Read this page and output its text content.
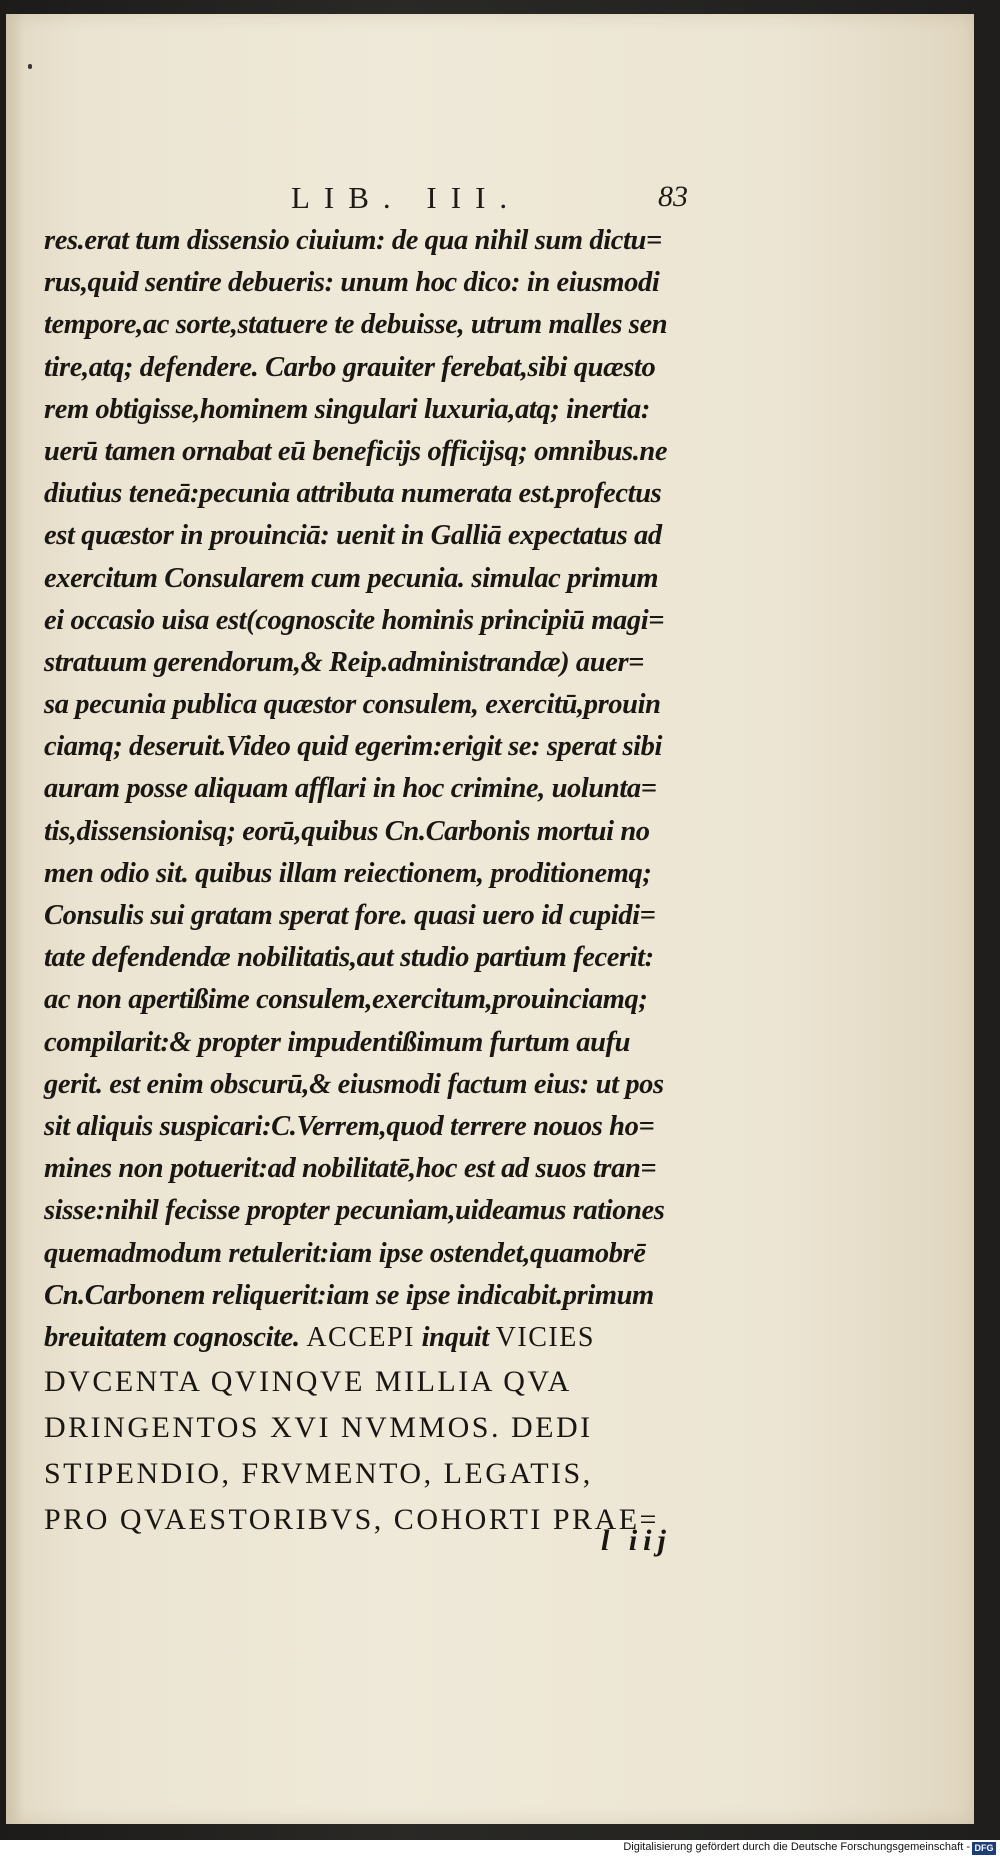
LIB. III.	83
res.erat tum dissensio ciuium: de qua nihil sum dictu=
rus,quid sentire debueris: unum hoc dico: in eiusmodi
tempore,ac sorte,statuere te debuisse, utrum malles sen
tire,atq; defendere. Carbo grauiter ferebat,sibi quæsto
rem obtigisse,hominem singulari luxuria,atq; inertia:
uerū tamen ornabat eū beneficijs officijsq; omnibus.ne
diutius teneā:pecunia attributa numerata est.profectus
est quæstor in prouinciā: uenit in Galliā expectatus ad
exercitum Consularem cum pecunia. simulac primum
ei occasio uisa est(cognoscite hominis principiū magi=
stratuum gerendorum,& Reip.administrandæ) auer=
sa pecunia publica quæstor consulem, exercitū,prouin
ciamq; deseruit.Video quid egerim:erigit se: sperat sibi
auram posse aliquam afflari in hoc crimine, uolunta=
tis,dissensionisq; eorū,quibus Cn.Carbonis mortui no
men odio sit. quibus illam reiectionem, proditionemq;
Consulis sui gratam sperat fore. quasi uero id cupidi=
tate defendendæ nobilitatis,aut studio partium fecerit:
ac non apertißime consulem,exercitum,prouinciamq;
compilarit:& propter impudentißimum furtum aufu
gerit. est enim obscurū,& eiusmodi factum eius: ut pos
sit aliquis suspicari:C.Verrem,quod terrere nouos ho=
mines non potuerit:ad nobilitatē,hoc est ad suos tran=
sisse:nihil fecisse propter pecuniam,uideamus rationes
quemadmodum retulerit:iam ipse ostendet,quamobrē
Cn.Carbonem reliquerit:iam se ipse indicabit.primum
breuitatem cognoscite. ACCEPI inquit VICIES
DVCENTA QVINQVE MILLIA QVA
DRINGENTOS XVI NVMMOS. DEDI
STIPENDIO, FRVMENTO, LEGATIS,
PRO QVAESTORIBVS, COHORTI PRAE=
l iij
Digitalisierung gefördert durch die Deutsche Forschungsgemeinschaft - DFG
